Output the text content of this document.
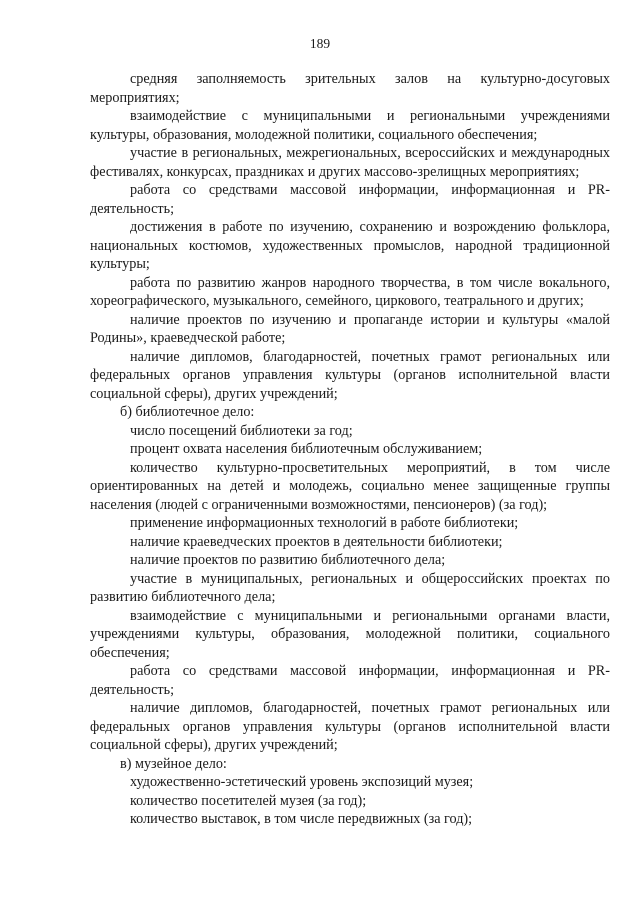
189

средняя заполняемость зрительных залов на культурно-досуговых мероприятиях;

взаимодействие с муниципальными и региональными учреждениями культуры, образования, молодежной политики, социального обеспечения;

участие в региональных, межрегиональных, всероссийских и международных фестивалях, конкурсах, праздниках и других массово-зрелищных мероприятиях;

работа со средствами массовой информации, информационная и PR-деятельность;

достижения в работе по изучению, сохранению и возрождению фольклора, национальных костюмов, художественных промыслов, народной традиционной культуры;

работа по развитию жанров народного творчества, в том числе вокального, хореографического, музыкального, семейного, циркового, театрального и других;

наличие проектов по изучению и пропаганде истории и культуры «малой Родины», краеведческой работе;

наличие дипломов, благодарностей, почетных грамот региональных или федеральных органов управления культуры (органов исполнительной власти социальной сферы), других учреждений;

б) библиотечное дело:

число посещений библиотеки за год;

процент охвата населения библиотечным обслуживанием;

количество культурно-просветительных мероприятий, в том числе ориентированных на детей и молодежь, социально менее защищенные группы населения (людей с ограниченными возможностями, пенсионеров) (за год);

применение информационных технологий в работе библиотеки;

наличие краеведческих проектов в деятельности библиотеки;

наличие проектов по развитию библиотечного дела;

участие в муниципальных, региональных и общероссийских проектах по развитию библиотечного дела;

взаимодействие с муниципальными и региональными органами власти, учреждениями культуры, образования, молодежной политики, социального обеспечения;

работа со средствами массовой информации, информационная и PR-деятельность;

наличие дипломов, благодарностей, почетных грамот региональных или федеральных органов управления культуры (органов исполнительной власти социальной сферы), других учреждений;

в) музейное дело:

художественно-эстетический уровень экспозиций музея;

количество посетителей музея (за год);

количество выставок, в том числе передвижных (за год);
